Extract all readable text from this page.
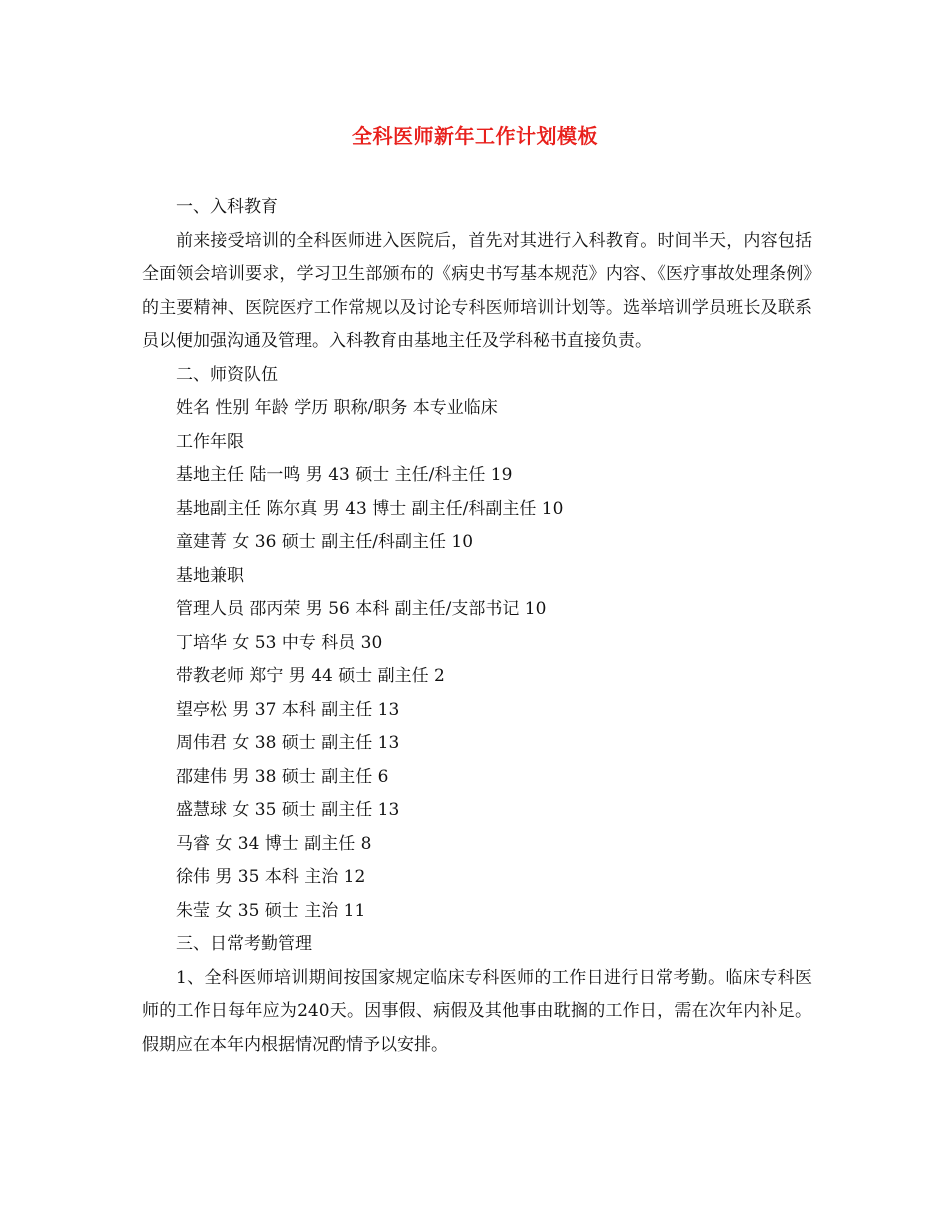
全科医师新年工作计划模板

一、入科教育

前来接受培训的全科医师进入医院后，首先对其进行入科教育。时间半天，内容包括全面领会培训要求，学习卫生部颁布的《病史书写基本规范》内容、《医疗事故处理条例》的主要精神、医院医疗工作常规以及讨论专科医师培训计划等。选举培训学员班长及联系员以便加强沟通及管理。入科教育由基地主任及学科秘书直接负责。

二、师资队伍

姓名 性别 年龄 学历 职称/职务 本专业临床

工作年限

基地主任 陆一鸣 男 43 硕士 主任/科主任 19

基地副主任 陈尔真 男 43 博士 副主任/科副主任 10

童建菁 女 36 硕士 副主任/科副主任 10

基地兼职

管理人员 邵丙荣 男 56 本科 副主任/支部书记 10

丁培华 女 53 中专 科员 30

带教老师 郑宁 男 44 硕士 副主任 2

望亭松 男 37 本科 副主任 13

周伟君 女 38 硕士 副主任 13

邵建伟 男 38 硕士 副主任 6

盛慧球 女 35 硕士 副主任 13

马睿 女 34 博士 副主任 8

徐伟 男 35 本科 主治 12

朱莹 女 35 硕士 主治 11

三、日常考勤管理

1、全科医师培训期间按国家规定临床专科医师的工作日进行日常考勤。临床专科医师的工作日每年应为240天。因事假、病假及其他事由耽搁的工作日，需在次年内补足。假期应在本年内根据情况酌情予以安排。
